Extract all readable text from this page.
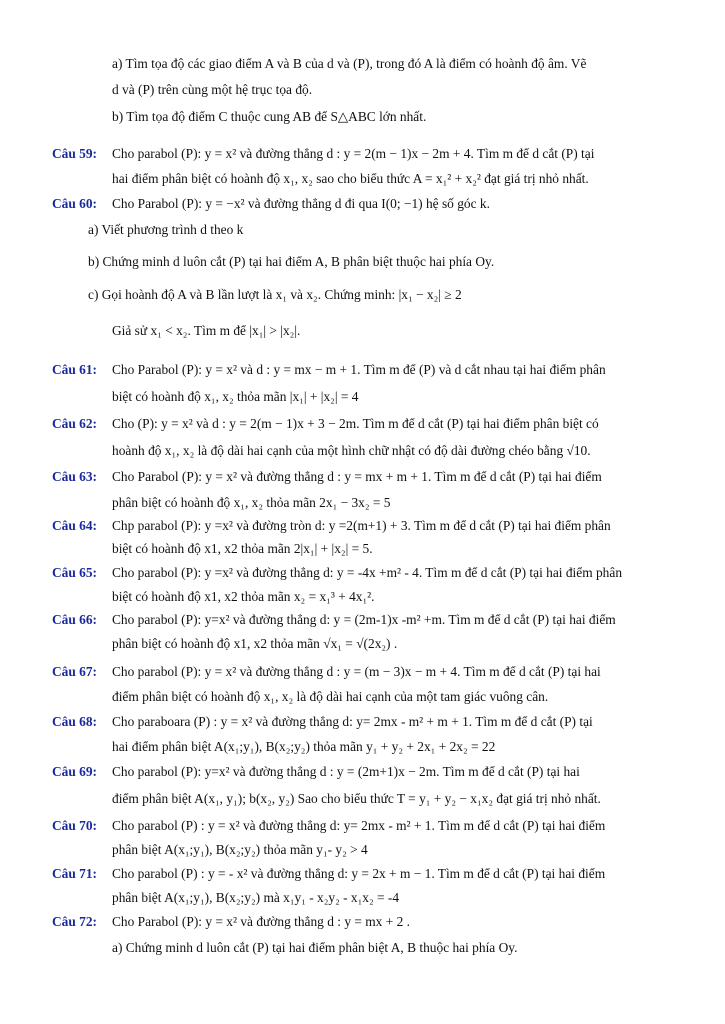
a) Tìm tọa độ các giao điểm A và B của d và (P), trong đó A là điểm có hoành độ âm. Vẽ
d và (P) trên cùng một hệ trục tọa độ.
b) Tìm tọa độ điểm C thuộc cung AB để S△ABC lớn nhất.
Câu 59: Cho parabol (P): y = x² và đường thẳng d : y = 2(m − 1)x − 2m + 4. Tìm m để d cắt (P) tại
hai điểm phân biệt có hoành độ x₁, x₂ sao cho biểu thức A = x₁² + x₂² đạt giá trị nhỏ nhất.
Câu 60: Cho Parabol (P): y = −x² và đường thẳng d đi qua I(0; −1) hệ số góc k.
a) Viết phương trình d theo k
b) Chứng minh d luôn cắt (P) tại hai điểm A, B phân biệt thuộc hai phía Oy.
c) Gọi hoành độ A và B lần lượt là x₁ và x₂. Chứng minh: |x₁ − x₂| ≥ 2
Giả sử x₁ < x₂. Tìm m để |x₁| > |x₂|.
Câu 61: Cho Parabol (P): y = x² và d : y = mx − m + 1. Tìm m để (P) và d cắt nhau tại hai điểm phân
biệt có hoành độ x₁, x₂ thỏa mãn |x₁| + |x₂| = 4
Câu 62: Cho (P): y = x² và d : y = 2(m − 1)x + 3 − 2m. Tìm m để d cắt (P) tại hai điểm phân biệt có
hoành độ x₁, x₂ là độ dài hai cạnh của một hình chữ nhật có độ dài đường chéo bằng √10.
Câu 63: Cho Parabol (P): y = x² và đường thẳng d : y = mx + m + 1. Tìm m để d cắt (P) tại hai điểm
phân biệt có hoành độ x₁, x₂ thỏa mãn 2x₁ − 3x₂ = 5
Câu 64: Chp parabol (P): y =x² và đường tròn d: y =2(m+1) + 3. Tìm m để d cắt (P) tại hai điểm phân
biệt có hoành độ x1, x2 thỏa mãn 2|x₁| + |x₂| = 5.
Câu 65: Cho parabol (P): y =x² và đường thẳng d: y = -4x +m² - 4. Tìm m để d cắt (P) tại hai điểm phân
biệt có hoành độ x1, x2 thỏa mãn x₂ = x₁³ + 4x₁².
Câu 66: Cho parabol (P): y=x² và đường thẳng d: y = (2m-1)x -m² +m. Tìm m để d cắt (P) tại hai điểm
phân biệt có hoành độ x1, x2 thỏa mãn √x₁ = √(2x₂) .
Câu 67: Cho parabol (P): y = x² và đường thẳng d : y = (m − 3)x − m + 4. Tìm m để d cắt (P) tại hai
điểm phân biệt có hoành độ x₁, x₂ là độ dài hai cạnh của một tam giác vuông cân.
Câu 68: Cho paraboara (P) : y = x² và đường thẳng d: y= 2mx - m² + m + 1. Tìm m để d cắt (P) tại
hai điểm phân biệt A(x₁;y₁), B(x₂;y₂) thỏa mãn y₁ + y₂ + 2x₁ + 2x₂ = 22
Câu 69: Cho parabol (P): y=x² và đường thẳng d : y = (2m+1)x − 2m. Tìm m để d cắt (P) tại hai
điểm phân biệt A(x₁, y₁); b(x₂, y₂) Sao cho biểu thức T = y₁ + y₂ − x₁x₂ đạt giá trị nhỏ nhất.
Câu 70: Cho parabol (P) : y = x² và đường thẳng d: y= 2mx - m² + 1. Tìm m để d cắt (P) tại hai điểm
phân biệt A(x₁;y₁), B(x₂;y₂) thỏa mãn y₁- y₂ > 4
Câu 71: Cho parabol (P) : y = - x² và đường thẳng d: y = 2x + m − 1. Tìm m để d cắt (P) tại hai điểm
phân biệt A(x₁;y₁), B(x₂;y₂) mà x₁y₁ - x₂y₂ - x₁x₂ = -4
Câu 72: Cho Parabol (P): y = x² và đường thẳng d : y = mx + 2 .
a) Chứng minh d luôn cắt (P) tại hai điểm phân biệt A, B thuộc hai phía Oy.
